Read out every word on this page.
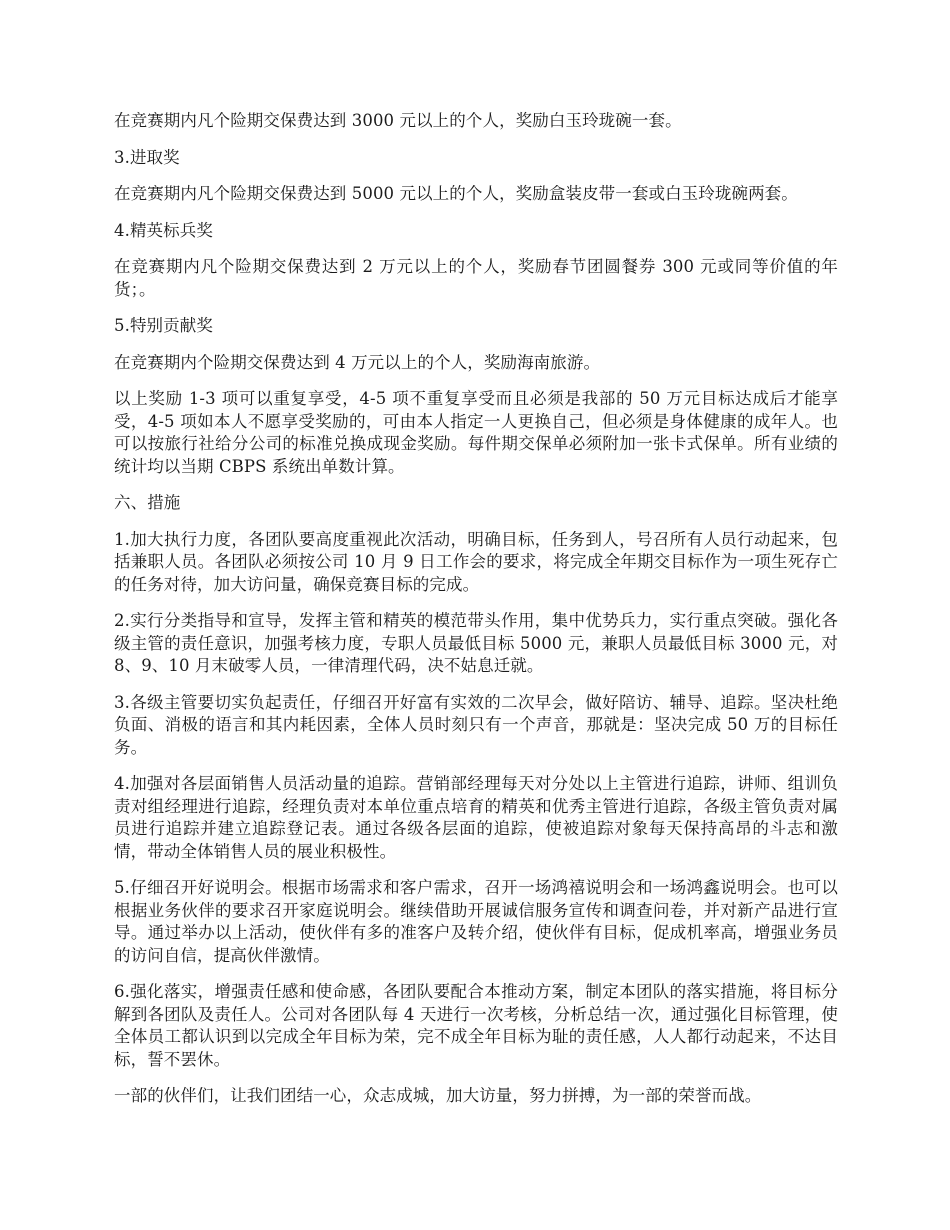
在竞赛期内凡个险期交保费达到 3000 元以上的个人，奖励白玉玲珑碗一套。

3.进取奖

在竞赛期内凡个险期交保费达到 5000 元以上的个人，奖励盒装皮带一套或白玉玲珑碗两套。

4.精英标兵奖

在竞赛期内凡个险期交保费达到 2 万元以上的个人，奖励春节团圆餐券 300 元或同等价值的年货；。

5.特别贡献奖

在竞赛期内个险期交保费达到 4 万元以上的个人，奖励海南旅游。

以上奖励 1-3 项可以重复享受，4-5 项不重复享受而且必须是我部的 50 万元目标达成后才能享受，4-5 项如本人不愿享受奖励的，可由本人指定一人更换自己，但必须是身体健康的成年人。也可以按旅行社给分公司的标准兑换成现金奖励。每件期交保单必须附加一张卡式保单。所有业绩的统计均以当期 CBPS 系统出单数计算。

六、措施

1.加大执行力度，各团队要高度重视此次活动，明确目标，任务到人，号召所有人员行动起来，包括兼职人员。各团队必须按公司 10 月 9 日工作会的要求，将完成全年期交目标作为一项生死存亡的任务对待，加大访问量，确保竞赛目标的完成。

2.实行分类指导和宣导，发挥主管和精英的模范带头作用，集中优势兵力，实行重点突破。强化各级主管的责任意识，加强考核力度，专职人员最低目标 5000 元，兼职人员最低目标 3000 元，对 8、9、10 月末破零人员，一律清理代码，决不姑息迁就。

3.各级主管要切实负起责任，仔细召开好富有实效的二次早会，做好陪访、辅导、追踪。坚决杜绝负面、消极的语言和其内耗因素，全体人员时刻只有一个声音，那就是：坚决完成 50 万的目标任务。

4.加强对各层面销售人员活动量的追踪。营销部经理每天对分处以上主管进行追踪，讲师、组训负责对组经理进行追踪，经理负责对本单位重点培育的精英和优秀主管进行追踪，各级主管负责对属员进行追踪并建立追踪登记表。通过各级各层面的追踪，使被追踪对象每天保持高昂的斗志和激情，带动全体销售人员的展业积极性。

5.仔细召开好说明会。根据市场需求和客户需求，召开一场鸿禧说明会和一场鸿鑫说明会。也可以根据业务伙伴的要求召开家庭说明会。继续借助开展诚信服务宣传和调查问卷，并对新产品进行宣导。通过举办以上活动，使伙伴有多的准客户及转介绍，使伙伴有目标，促成机率高，增强业务员的访问自信，提高伙伴激情。

6.强化落实，增强责任感和使命感，各团队要配合本推动方案，制定本团队的落实措施，将目标分解到各团队及责任人。公司对各团队每 4 天进行一次考核，分析总结一次，通过强化目标管理，使全体员工都认识到以完成全年目标为荣，完不成全年目标为耻的责任感，人人都行动起来，不达目标，誓不罢休。

一部的伙伴们，让我们团结一心，众志成城，加大访量，努力拼搏，为一部的荣誉而战。
